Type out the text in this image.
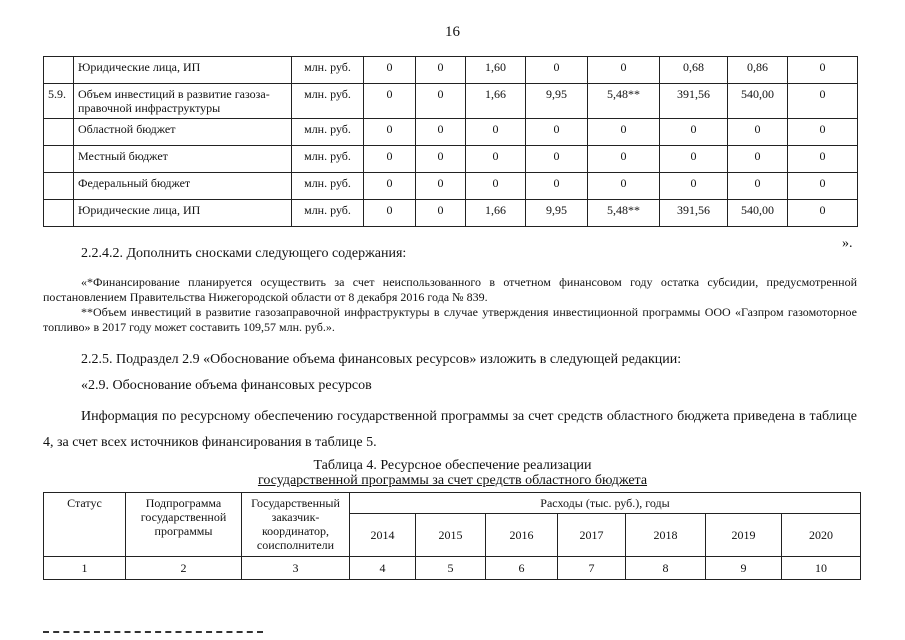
16
	Юридические лица, ИП	млн. руб.	0	0	1,60	0	0	0,68	0,86	0
5.9.	Объем инвестиций в развитие газоза-правочной инфраструктуры	млн. руб.	0	0	1,66	9,95	5,48**	391,56	540,00	0
	Областной бюджет	млн. руб.	0	0	0	0	0	0	0	0
	Местный бюджет	млн. руб.	0	0	0	0	0	0	0	0
	Федеральный бюджет	млн. руб.	0	0	0	0	0	0	0	0
	Юридические лица, ИП	млн. руб.	0	0	1,66	9,95	5,48**	391,56	540,00	0
».
2.2.4.2. Дополнить сносками следующего содержания:
«*Финансирование планируется осуществить за счет неиспользованного в отчетном финансовом году остатка субсидии, предусмотренной постановлением Правительства Нижегородской области от 8 декабря 2016 года № 839.
**Объем инвестиций в развитие газозаправочной инфраструктуры в случае утверждения инвестиционной программы ООО «Газпром газомоторное топливо» в 2017 году может составить 109,57 млн. руб.».
2.2.5. Подраздел 2.9 «Обоснование объема финансовых ресурсов» изложить в следующей редакции:
«2.9. Обоснование объема финансовых ресурсов
Информация по ресурсному обеспечению государственной программы за счет средств областного бюджета приведена в таблице 4, за счет всех источников финансирования в таблице 5.
Таблица 4. Ресурсное обеспечение реализации
государственной программы за счет средств областного бюджета
Статус	Подпрограмма государственной программы	Государственный заказчик-координатор, соисполнители	Расходы (тыс. руб.), годы						
			2014	2015	2016	2017	2018	2019	2020
1	2	3	4	5	6	7	8	9	10
